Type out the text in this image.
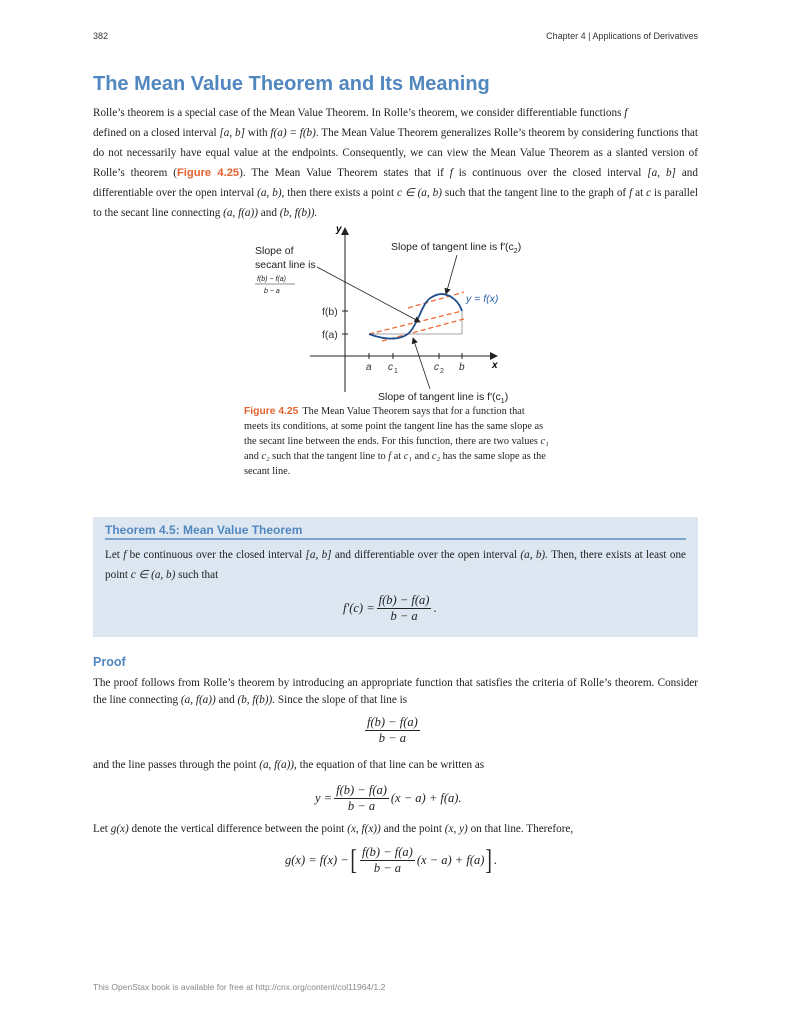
382	Chapter 4 | Applications of Derivatives
The Mean Value Theorem and Its Meaning

Rolle’s theorem is a special case of the Mean Value Theorem. In Rolle’s theorem, we consider differentiable functions f
defined on a closed interval [a, b] with f(a) = f(b). The Mean Value Theorem generalizes Rolle’s theorem by considering functions that do not necessarily have equal value at the endpoints. Consequently, we can view the Mean Value Theorem as a slanted version of Rolle’s theorem (Figure 4.25). The Mean Value Theorem states that if f is continuous over the closed interval [a, b] and differentiable over the open interval (a, b), then there exists a point c ∈ (a, b) such that the tangent line to the graph of f at c is parallel to the secant line connecting (a, f(a)) and (b, f(b)).

y
x
f(b)
f(a)
a c 1	c 2 b
y = f(x)
Slope of
secant line is
f(b) − f(a)
b − a
Slope of tangent line is $f'(c_2)$
Slope of tangent line is $f'(c_1)$

Figure 4.25 The Mean Value Theorem says that for a function that meets its conditions, at some point the tangent line has the same slope as the secant line between the ends. For this function, there are two values c₁ and c₂ such that the tangent line to f at c₁ and c₂ has the same slope as the secant line.

Theorem 4.5: Mean Value Theorem

Let f be continuous over the closed interval [a, b] and differentiable over the open interval (a, b). Then, there exists at least one point c ∈ (a, b) such that

$f'(c) = \frac{f(b) - f(a)}{b - a}$ .
Proof

The proof follows from Rolle’s theorem by introducing an appropriate function that satisfies the criteria of Rolle’s theorem. Consider the line connecting (a, f(a)) and (b, f(b)). Since the slope of that line is

$\frac{f(b) - f(a)}{b - a}$

and the line passes through the point (a, f(a)), the equation of that line can be written as

$y = \frac{f(b) - f(a)}{b - a} (x - a) + f(a)$.

Let g(x) denote the vertical difference between the point (x, f(x)) and the point (x, y) on that line. Therefore,

g(x) = f(x) − [ $\frac{f(b) - f(a)}{b - a} (x - a) + f(a)$ ] .
This OpenStax book is available for free at http://cnx.org/content/col11964/1.2
